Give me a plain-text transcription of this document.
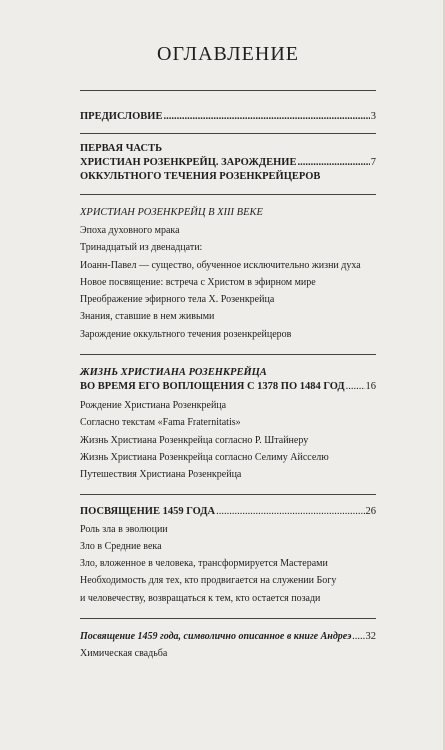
ОГЛАВЛЕНИЕ
ПРЕДИСЛОВИЕ .....	3
ПЕРВАЯ ЧАСТЬ
ХРИСТИАН РОЗЕНКРЕЙЦ. ЗАРОЖДЕНИЕ .....	7
ОККУЛЬТНОГО ТЕЧЕНИЯ РОЗЕНКРЕЙЦЕРОВ
ХРИСТИАН РОЗЕНКРЕЙЦ В XIII ВЕКЕ
Эпоха духовного мрака
Тринадцатый из двенадцати:
Иоанн-Павел — существо, обученное исключительно жизни духа
Новое посвящение: встреча с Христом в эфирном мире
Преображение эфирного тела Х. Розенкрейца
Знания, ставшие в нем живыми
Зарождение оккультного течения розенкрейцеров
ЖИЗНЬ ХРИСТИАНА РОЗЕНКРЕЙЦА
ВО ВРЕМЯ ЕГО ВОПЛОЩЕНИЯ С 1378 ПО 1484 ГОД ..... 16
Рождение Христиана Розенкрейца
Согласно текстам «Fama Fraternitatis»
Жизнь Христиана Розенкрейца согласно Р. Штайнеру
Жизнь Христиана Розенкрейца согласно Селиму Айсселю
Путешествия Христиана Розенкрейца
ПОСВЯЩЕНИЕ 1459 ГОДА .....	26
Роль зла в эволюции
Зло в Средние века
Зло, вложенное в человека, трансформируется Мастерами
Необходимость для тех, кто продвигается на служении Богу
и человечеству, возвращаться к тем, кто остается позади
Посвящение 1459 года, символично описанное в книге Андреэ ..... 32
Химическая свадьба
